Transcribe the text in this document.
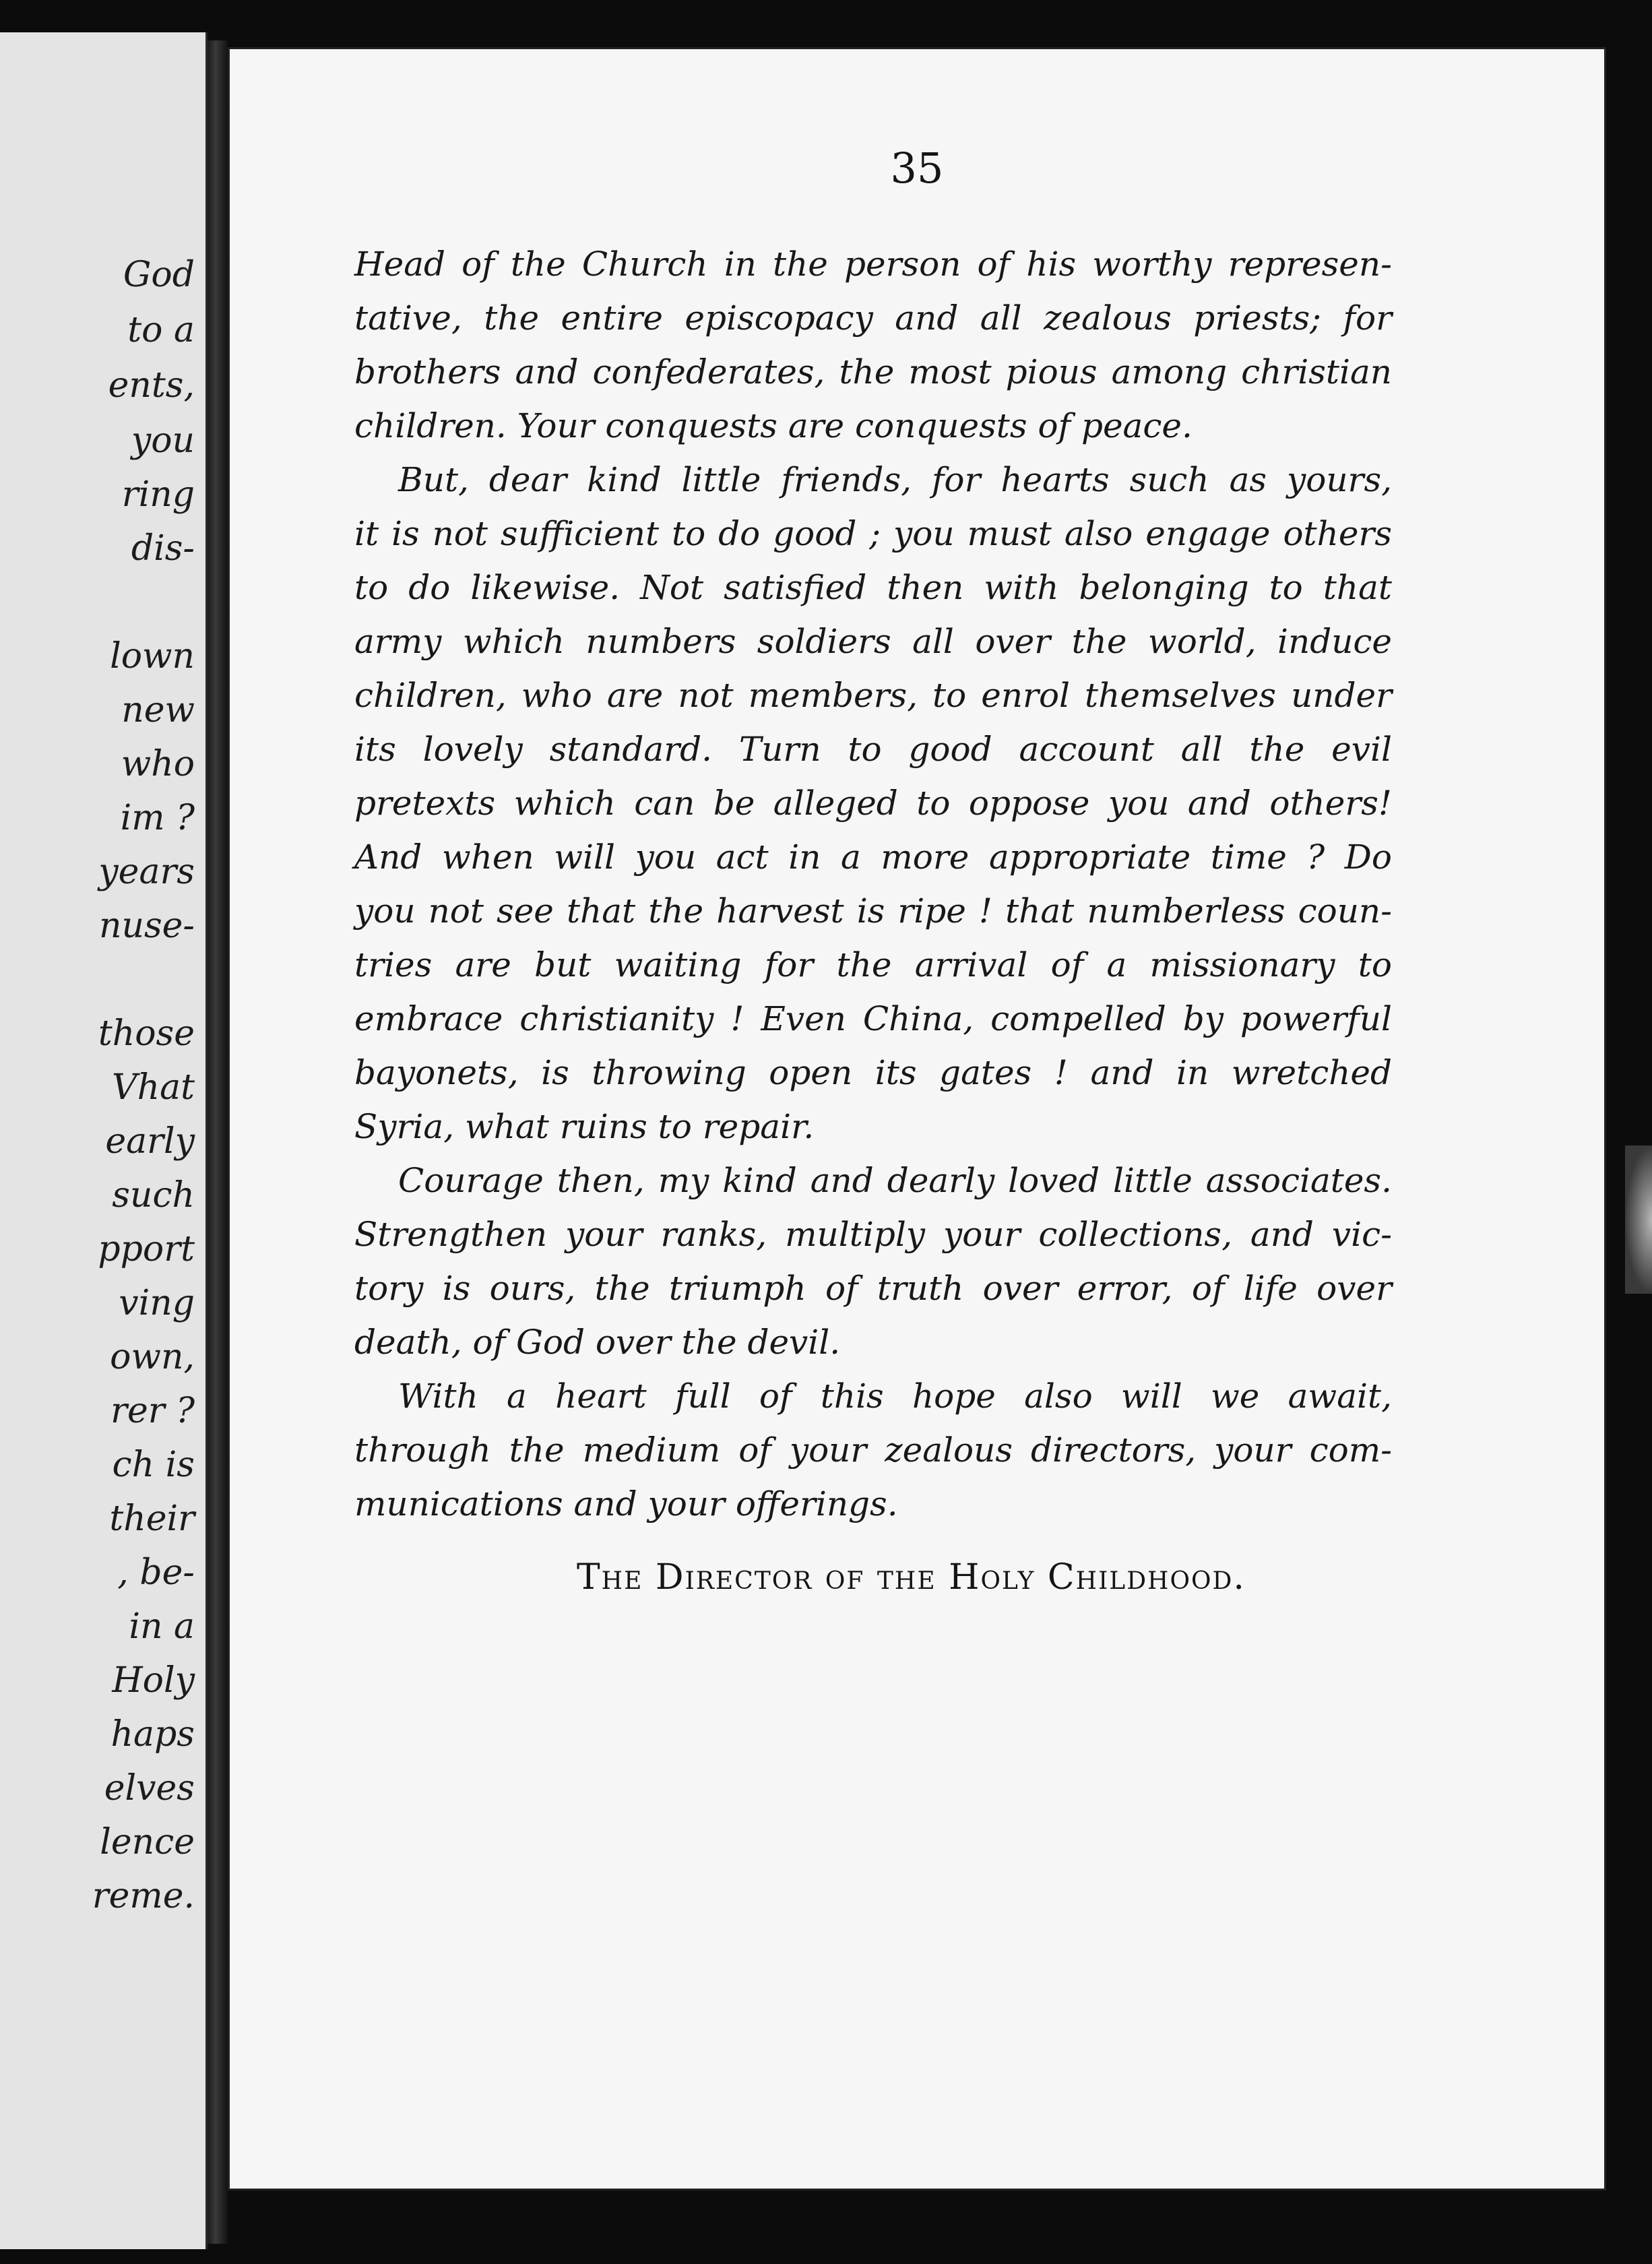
God
to a
ents,
you
ring
dis-
lown
new
who
im ?
years
nuse-
those
Vhat
early
such
pport
ving
own,
rer ?
ch is
their
, be-
in a
Holy
haps
elves
lence
reme.
35
Head of the Church in the person of his worthy represen-
tative, the entire episcopacy and all zealous priests; for
brothers and confederates, the most pious among christian
children. Your conquests are conquests of peace.
But, dear kind little friends, for hearts such as yours,
it is not sufficient to do good ; you must also engage others
to do likewise. Not satisfied then with belonging to that
army which numbers soldiers all over the world, induce
children, who are not members, to enrol themselves under
its lovely standard. Turn to good account all the evil
pretexts which can be alleged to oppose you and others!
And when will you act in a more appropriate time ? Do
you not see that the harvest is ripe ! that numberless coun-
tries are but waiting for the arrival of a missionary to
embrace christianity ! Even China, compelled by powerful
bayonets, is throwing open its gates ! and in wretched
Syria, what ruins to repair.
Courage then, my kind and dearly loved little associates.
Strengthen your ranks, multiply your collections, and vic-
tory is ours, the triumph of truth over error, of life over
death, of God over the devil.
With a heart full of this hope also will we await,
through the medium of your zealous directors, your com-
munications and your offerings.
The Director of the Holy Childhood.
